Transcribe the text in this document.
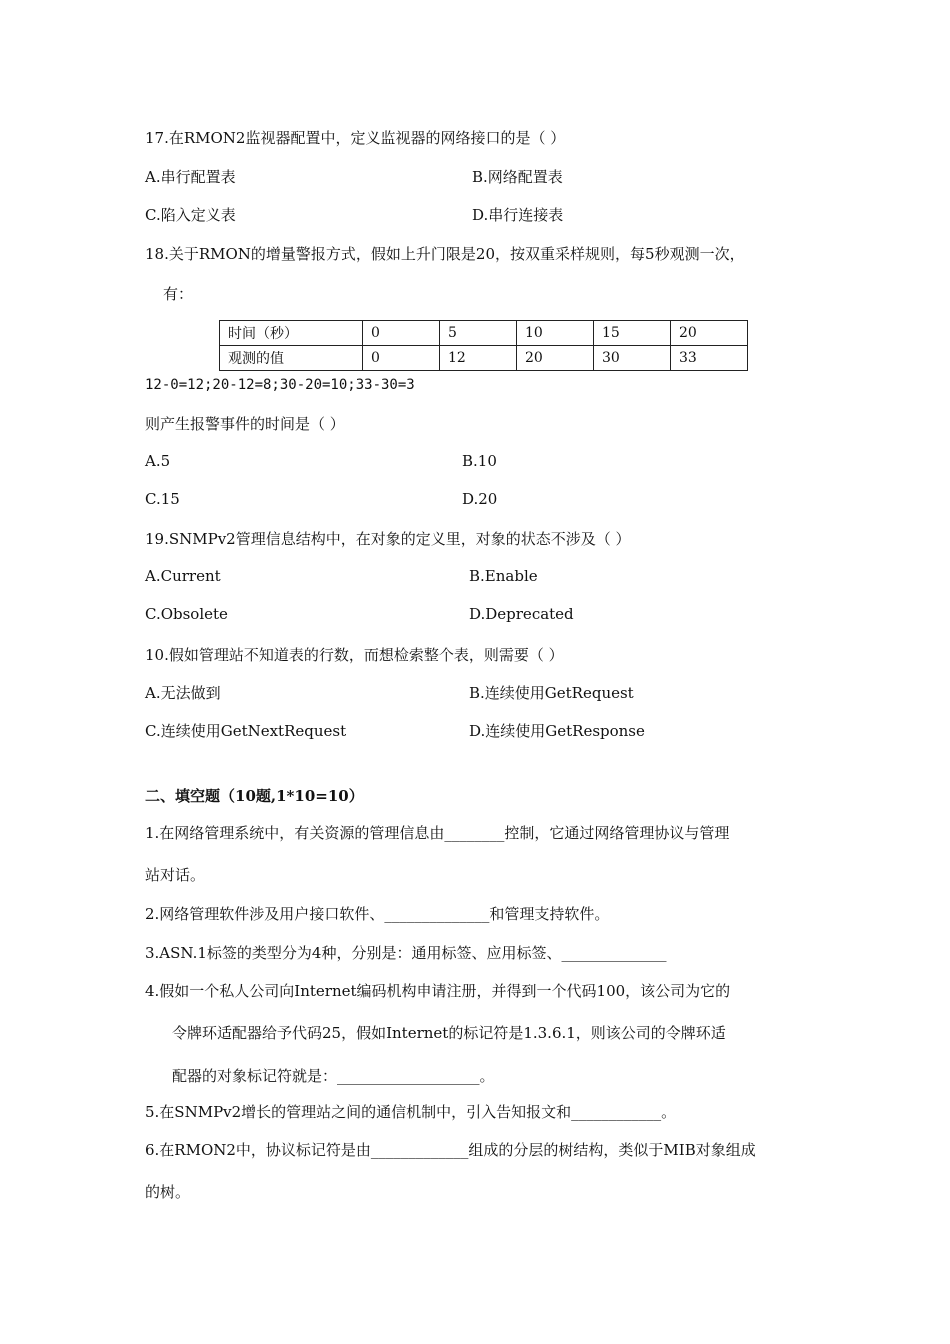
17.在RMON2监视器配置中，定义监视器的网络接口的是（ ）
A.串行配置表	B.网络配置表
C.陷入定义表	D.串行连接表
18.关于RMON的增量警报方式，假如上升门限是20，按双重采样规则，每5秒观测一次，
有：
时间（秒）	0	5	10	15	20
观测的值	0	12	20	30	33
12-0=12;20-12=8;30-20=10;33-30=3
则产生报警事件的时间是（ ）
A.5	B.10
C.15	D.20
19.SNMPv2管理信息结构中，在对象的定义里，对象的状态不涉及（ ）
A.Current	B.Enable
C.Obsolete	D.Deprecated
10.假如管理站不知道表的行数，而想检索整个表，则需要（ ）
A.无法做到	B.连续使用GetRequest
C.连续使用GetNextRequest	D.连续使用GetResponse
二、填空题（10题,1*10=10）
1.在网络管理系统中，有关资源的管理信息由________控制，它通过网络管理协议与管理
站对话。
2.网络管理软件涉及用户接口软件、______________和管理支持软件。
3.ASN.1标签的类型分为4种，分别是：通用标签、应用标签、______________
4.假如一个私人公司向Internet编码机构申请注册，并得到一个代码100，该公司为它的
令牌环适配器给予代码25，假如Internet的标记符是1.3.6.1，则该公司的令牌环适
配器的对象标记符就是：___________________。
5.在SNMPv2增长的管理站之间的通信机制中，引入告知报文和____________。
6.在RMON2中，协议标记符是由_____________组成的分层的树结构，类似于MIB对象组成
的树。
